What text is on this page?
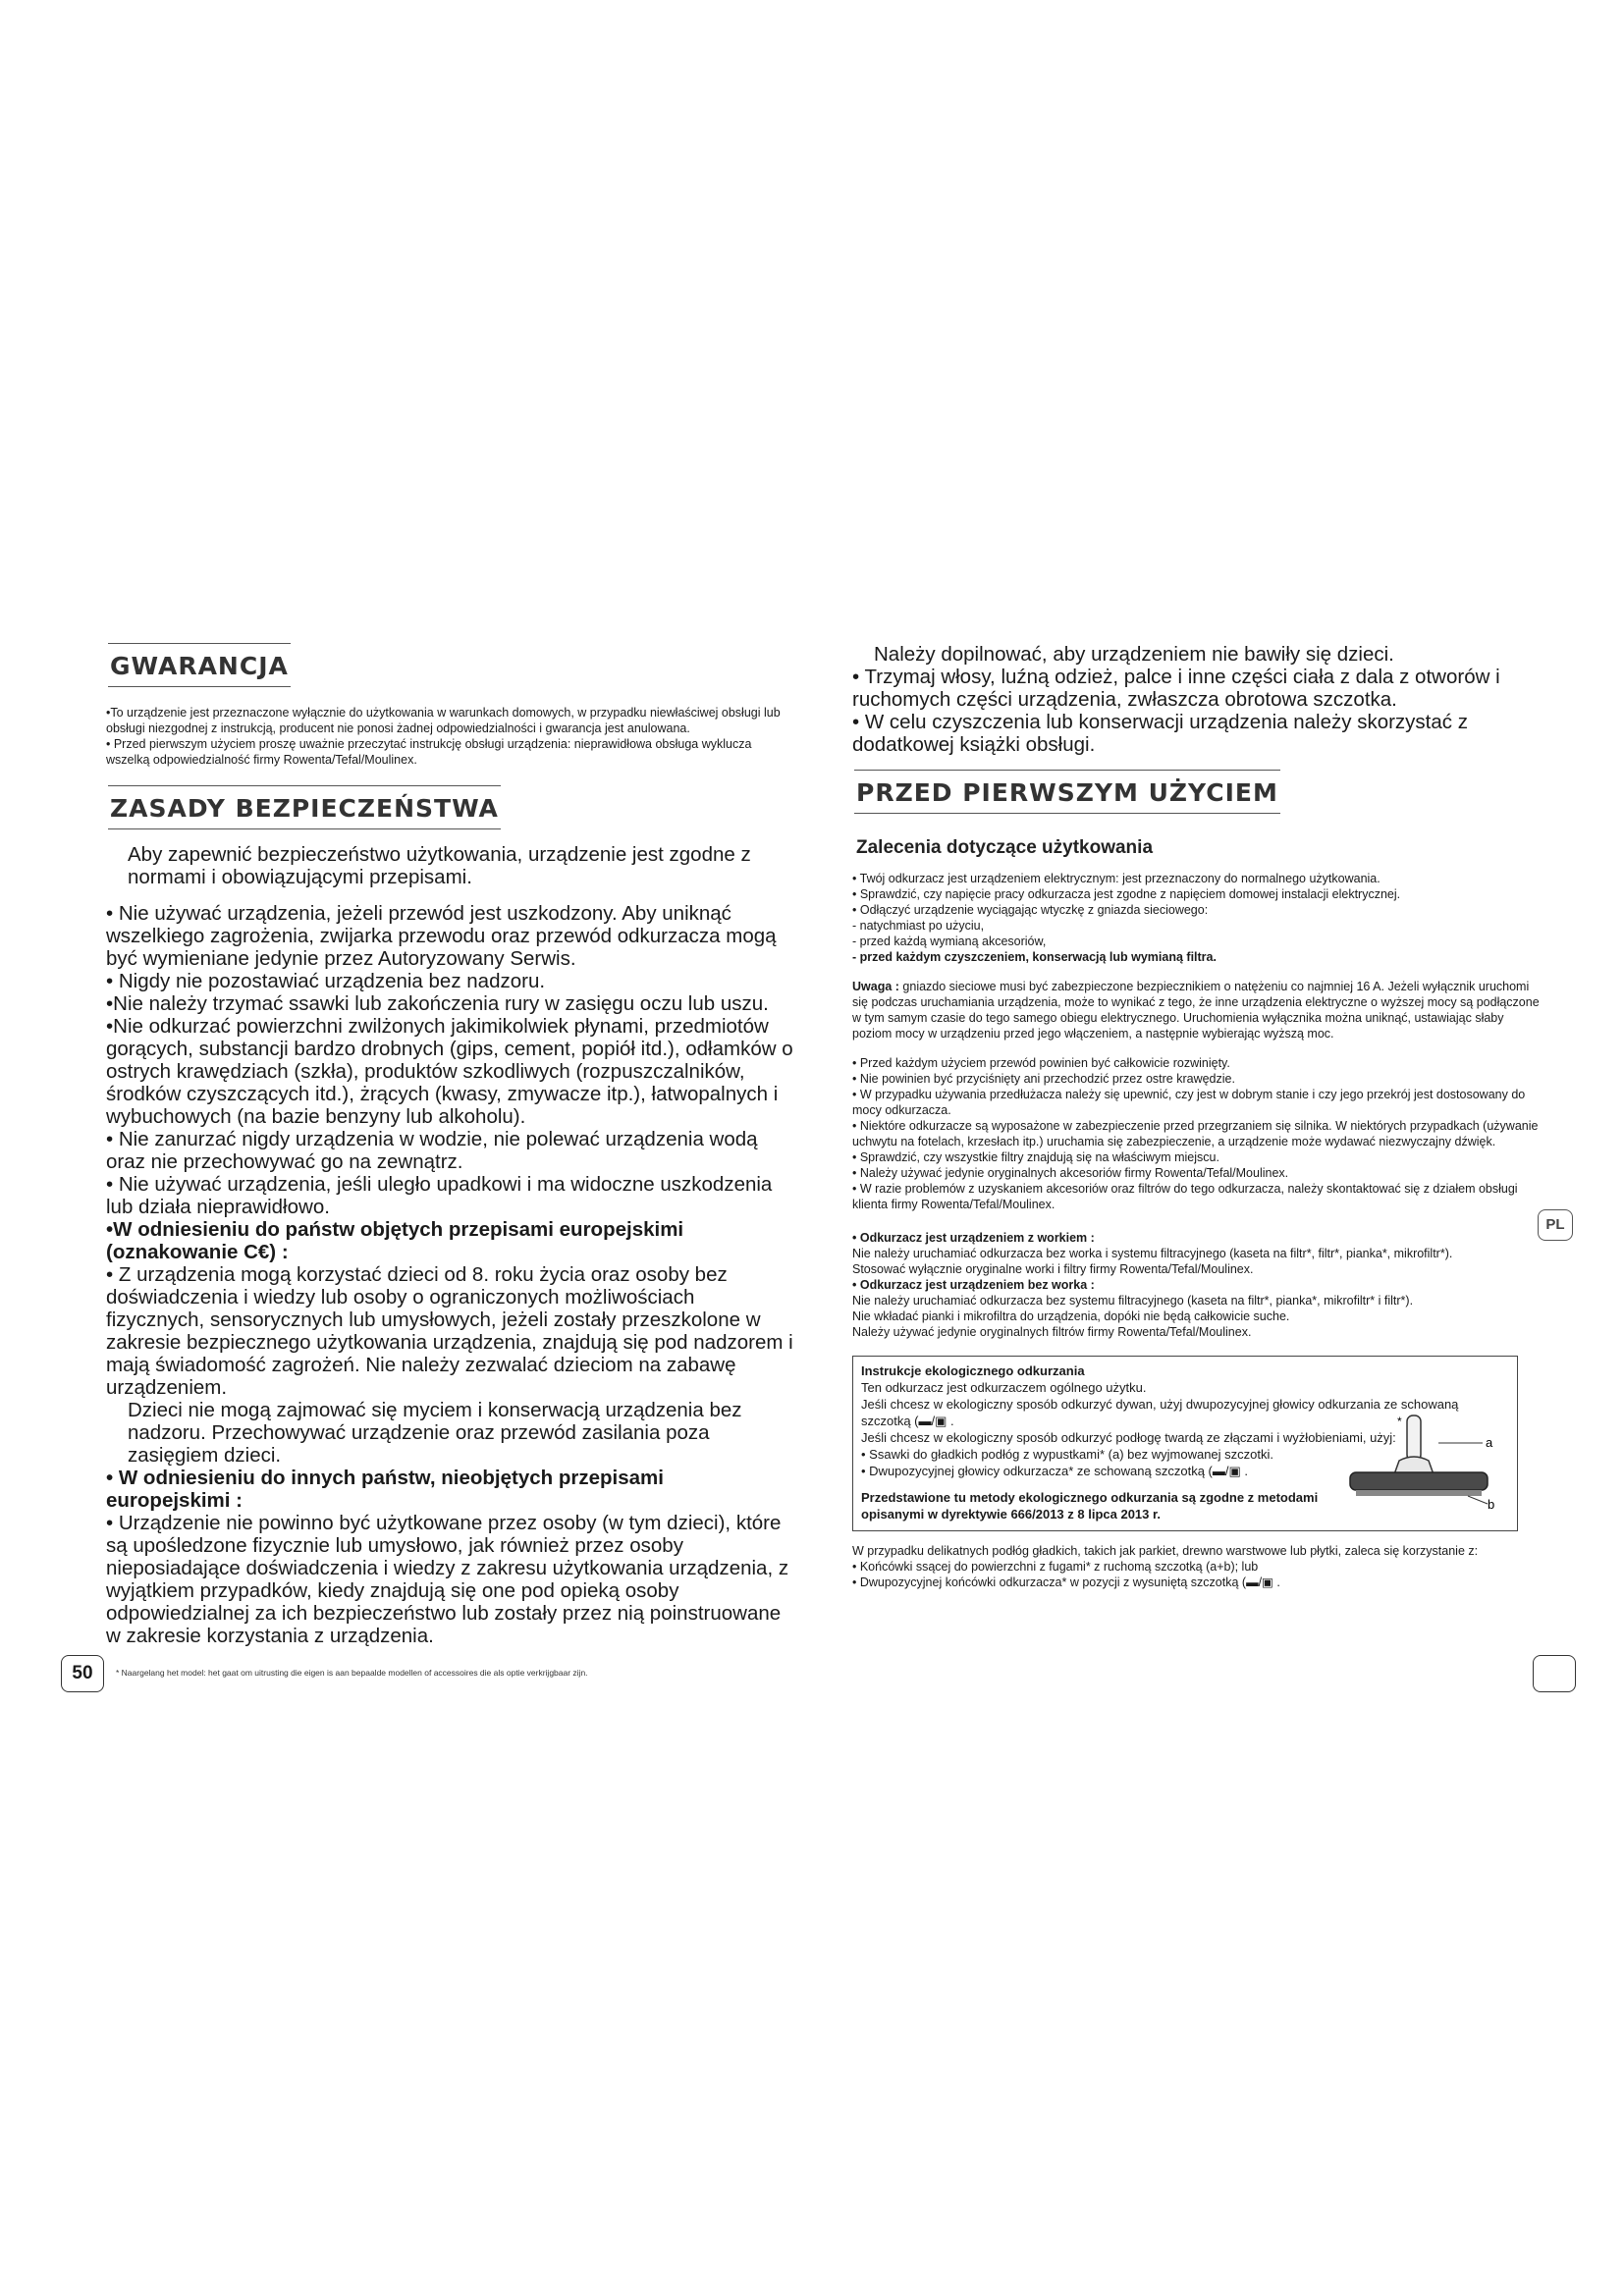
GWARANCJA

•To urządzenie jest przeznaczone wyłącznie do użytkowania w warunkach domowych, w przypadku niewłaściwej obsługi lub obsługi niezgodnej z instrukcją, producent nie ponosi żadnej odpowiedzialności i gwarancja jest anulowana.

• Przed pierwszym użyciem proszę uważnie przeczytać instrukcję obsługi urządzenia: nieprawidłowa obsługa wyklucza wszelką odpowiedzialność firmy Rowenta/Tefal/Moulinex.

ZASADY BEZPIECZEŃSTWA

Aby zapewnić bezpieczeństwo użytkowania, urządzenie jest zgodne z normami i obowiązującymi przepisami.

• Nie używać urządzenia, jeżeli przewód jest uszkodzony. Aby uniknąć wszelkiego zagrożenia, zwijarka przewodu oraz przewód odkurzacza mogą być wymieniane jedynie przez Autoryzowany Serwis.

• Nigdy nie pozostawiać urządzenia bez nadzoru.

•Nie należy trzymać ssawki lub zakończenia rury w zasięgu oczu lub uszu.

•Nie odkurzać powierzchni zwilżonych jakimikolwiek płynami, przedmiotów gorących, substancji bardzo drobnych (gips, cement, popiół itd.), odłamków o ostrych krawędziach (szkła), produktów szkodliwych (rozpuszczalników, środków czyszczących itd.), żrących (kwasy, zmywacze itp.), łatwopalnych i wybuchowych (na bazie benzyny lub alkoholu).

• Nie zanurzać nigdy urządzenia w wodzie, nie polewać urządzenia wodą oraz nie przechowywać go na zewnątrz.

• Nie używać urządzenia, jeśli uległo upadkowi i ma widoczne uszkodzenia lub działa nieprawidłowo.

•W odniesieniu do państw objętych przepisami europejskimi (oznakowanie C€) :

• Z urządzenia mogą korzystać dzieci od 8. roku życia oraz osoby bez doświadczenia i wiedzy lub osoby o ograniczonych możliwościach fizycznych, sensorycznych lub umysłowych, jeżeli zostały przeszkolone w zakresie bezpiecznego użytkowania urządzenia, znajdują się pod nadzorem i mają świadomość zagrożeń. Nie należy zezwalać dzieciom na zabawę urządzeniem.

Dzieci nie mogą zajmować się myciem i konserwacją urządzenia bez nadzoru. Przechowywać urządzenie oraz przewód zasilania poza zasięgiem dzieci.

• W odniesieniu do innych państw, nieobjętych przepisami europejskimi :

• Urządzenie nie powinno być użytkowane przez osoby (w tym dzieci), które są upośledzone fizycznie lub umysłowo, jak również przez osoby nieposiadające doświadczenia i wiedzy z zakresu użytkowania urządzenia, z wyjątkiem przypadków, kiedy znajdują się one pod opieką osoby odpowiedzialnej za ich bezpieczeństwo lub zostały przez nią poinstruowane w zakresie korzystania z urządzenia.

50	* Naargelang het model: het gaat om uitrusting die eigen is aan bepaalde modellen of accessoires die als optie verkrijgbaar zijn.

Należy dopilnować, aby urządzeniem nie bawiły się dzieci.

• Trzymaj włosy, luźną odzież, palce i inne części ciała z dala z otworów i ruchomych części urządzenia, zwłaszcza obrotowa szczotka.

• W celu czyszczenia lub konserwacji urządzenia należy skorzystać z dodatkowej książki obsługi.

PRZED PIERWSZYM UŻYCIEM
Zalecenia dotyczące użytkowania

• Twój odkurzacz jest urządzeniem elektrycznym: jest przeznaczony do normalnego użytkowania.

• Sprawdzić, czy napięcie pracy odkurzacza jest zgodne z napięciem domowej instalacji elektrycznej.

• Odłączyć urządzenie wyciągając wtyczkę z gniazda sieciowego:

- natychmiast po użyciu,

- przed każdą wymianą akcesoriów,

- przed każdym czyszczeniem, konserwacją lub wymianą filtra.

Uwaga : gniazdo sieciowe musi być zabezpieczone bezpiecznikiem o natężeniu co najmniej 16 A. Jeżeli wyłącznik uruchomi się podczas uruchamiania urządzenia, może to wynikać z tego, że inne urządzenia elektryczne o wyższej mocy są podłączone w tym samym czasie do tego samego obiegu elektrycznego. Uruchomienia wyłącznika można uniknąć, ustawiając słaby poziom mocy w urządzeniu przed jego włączeniem, a następnie wybierając wyższą moc.

• Przed każdym użyciem przewód powinien być całkowicie rozwinięty.

• Nie powinien być przyciśnięty ani przechodzić przez ostre krawędzie.

• W przypadku używania przedłużacza należy się upewnić, czy jest w dobrym stanie i czy jego przekrój jest dostosowany do mocy odkurzacza.

• Niektóre odkurzacze są wyposażone w zabezpieczenie przed przegrzaniem się silnika. W niektórych przypadkach (używanie uchwytu na fotelach, krzesłach itp.) uruchamia się zabezpieczenie, a urządzenie może wydawać niezwyczajny dźwięk.

• Sprawdzić, czy wszystkie filtry znajdują się na właściwym miejscu.

• Należy używać jedynie oryginalnych akcesoriów firmy Rowenta/Tefal/Moulinex.

• W razie problemów z uzyskaniem akcesoriów oraz filtrów do tego odkurzacza, należy skontaktować się z działem obsługi klienta firmy Rowenta/Tefal/Moulinex.

• Odkurzacz jest urządzeniem z workiem :

Nie należy uruchamiać odkurzacza bez worka i systemu filtracyjnego (kaseta na filtr*, filtr*, pianka*, mikrofiltr*).

Stosować wyłącznie oryginalne worki i filtry firmy Rowenta/Tefal/Moulinex.

• Odkurzacz jest urządzeniem bez worka :

Nie należy uruchamiać odkurzacza bez systemu filtracyjnego (kaseta na filtr*, pianka*, mikrofiltr* i filtr*).

Nie wkładać pianki i mikrofiltra do urządzenia, dopóki nie będą całkowicie suche.

Należy używać jedynie oryginalnych filtrów firmy Rowenta/Tefal/Moulinex.

Instrukcje ekologicznego odkurzania

Ten odkurzacz jest odkurzaczem ogólnego użytku.

Jeśli chcesz w ekologiczny sposób odkurzyć dywan, użyj dwupozycyjnej głowicy odkurzania ze schowaną szczotką (▬/▣ .

Jeśli chcesz w ekologiczny sposób odkurzyć podłogę twardą ze złączami i wyżłobieniami, użyj:

• Ssawki do gładkich podłóg z wypustkami* (a) bez wyjmowanej szczotki.

• Dwupozycyjnej głowicy odkurzacza* ze schowaną szczotką (▬/▣ .

Przedstawione tu metody ekologicznego odkurzania są zgodne z metodami opisanymi w dyrektywie 666/2013 z 8 lipca 2013 r.

*
a
b

W przypadku delikatnych podłóg gładkich, takich jak parkiet, drewno warstwowe lub płytki, zaleca się korzystanie z:

• Końcówki ssącej do powierzchni z fugami* z ruchomą szczotką (a+b); lub

• Dwupozycyjnej końcówki odkurzacza* w pozycji z wysuniętą szczotką (▬/▣ .

PL
